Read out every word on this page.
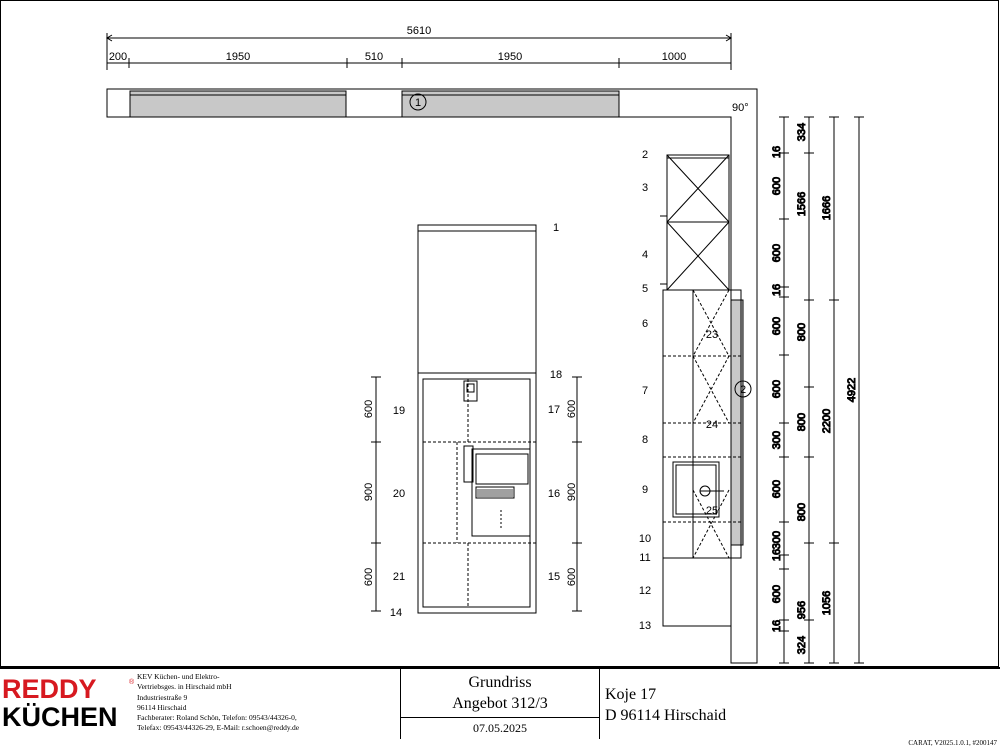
5610
200	1950	510	1950	1000
1	90°
2
23
24
25
2
3
4
5
6
7
8
9
10
11
12
13
600
900
600
19
20
21
14
600
900
600
1
18
17
16
15
16
600
600
16
600
600
300
600
300
16
600
16
334
1566
800
800
800
956
324
1666
2200
1056
4922
REDDY
KÜCHEN
®
KEV Küchen- und Elektro-
Vertriebsges. in Hirschaid mbH
Industriestraße 9
96114 Hirschaid
Fachberater: Roland Schön, Telefon: 09543/44326-0,
Telefax: 09543/44326-29, E-Mail: r.schoen@reddy.de
Grundriss
Angebot 312/3
07.05.2025
Koje 17
D 96114 Hirschaid
CARAT, V2025.1.0.1, #200147
